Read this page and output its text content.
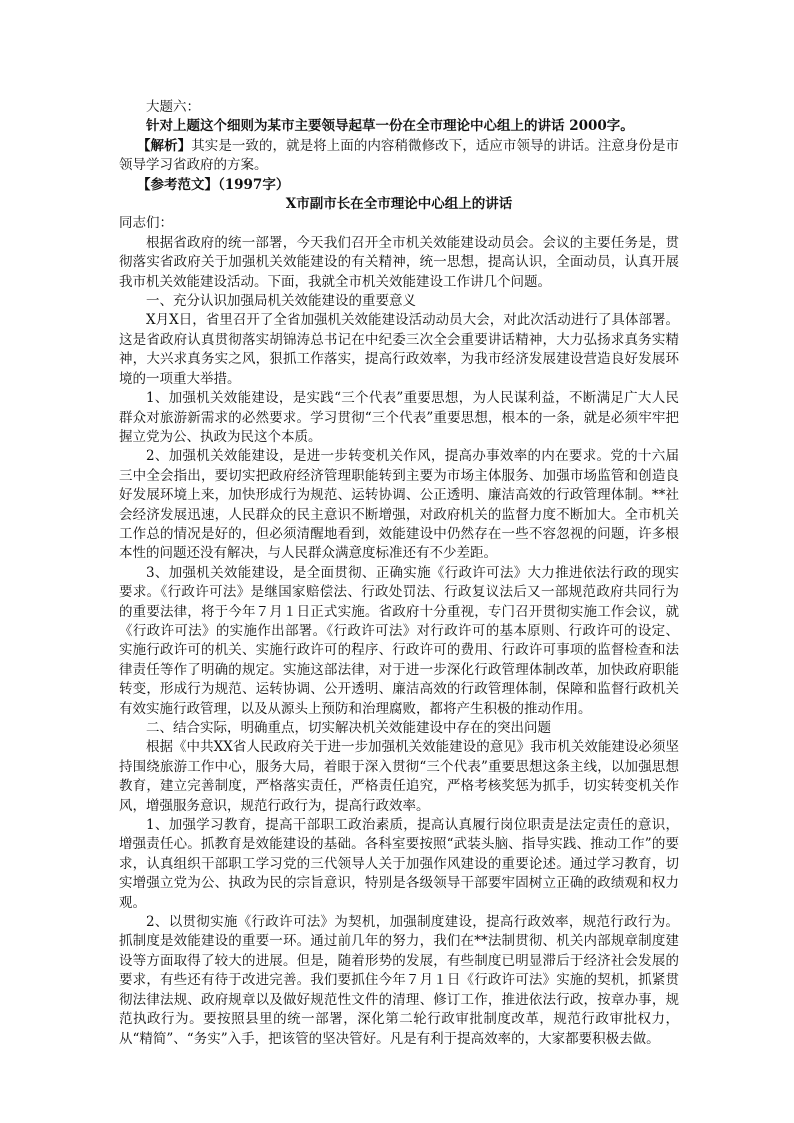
大题六：

针对上题这个细则为某市主要领导起草一份在全市理论中心组上的讲话 2000字。

【解析】其实是一致的，就是将上面的内容稍微修改下，适应市领导的讲话。注意身份是市领导学习省政府的方案。

【参考范文】（1997字）

X市副市长在全市理论中心组上的讲话

同志们：

根据省政府的统一部署，今天我们召开全市机关效能建设动员会。会议的主要任务是，贯彻落实省政府关于加强机关效能建设的有关精神，统一思想，提高认识，全面动员，认真开展我市机关效能建设活动。下面，我就全市机关效能建设工作讲几个问题。

一、充分认识加强局机关效能建设的重要意义

X月X日，省里召开了全省加强机关效能建设活动动员大会，对此次活动进行了具体部署。这是省政府认真贯彻落实胡锦涛总书记在中纪委三次全会重要讲话精神，大力弘扬求真务实精神，大兴求真务实之风，狠抓工作落实，提高行政效率，为我市经济发展建设营造良好发展环境的一项重大举措。

1、加强机关效能建设，是实践“三个代表”重要思想，为人民谋利益，不断满足广大人民群众对旅游新需求的必然要求。学习贯彻“三个代表”重要思想，根本的一条，就是必须牢牢把握立党为公、执政为民这个本质。

2、加强机关效能建设，是进一步转变机关作风，提高办事效率的内在要求。党的十六届三中全会指出，要切实把政府经济管理职能转到主要为市场主体服务、加强市场监管和创造良好发展环境上来，加快形成行为规范、运转协调、公正透明、廉洁高效的行政管理体制。**社会经济发展迅速，人民群众的民主意识不断增强，对政府机关的监督力度不断加大。全市机关工作总的情况是好的，但必须清醒地看到，效能建设中仍然存在一些不容忽视的问题，许多根本性的问题还没有解决，与人民群众满意度标准还有不少差距。

3、加强机关效能建设，是全面贯彻、正确实施《行政许可法》大力推进依法行政的现实要求。《行政许可法》是继国家赔偿法、行政处罚法、行政复议法后又一部规范政府共同行为的重要法律，将于今年７月１日正式实施。省政府十分重视，专门召开贯彻实施工作会议，就《行政许可法》的实施作出部署。《行政许可法》对行政许可的基本原则、行政许可的设定、实施行政许可的机关、实施行政许可的程序、行政许可的费用、行政许可事项的监督检查和法律责任等作了明确的规定。实施这部法律，对于进一步深化行政管理体制改革，加快政府职能转变，形成行为规范、运转协调、公开透明、廉洁高效的行政管理体制，保障和监督行政机关有效实施行政管理，以及从源头上预防和治理腐败，都将产生积极的推动作用。

二、结合实际，明确重点，切实解决机关效能建设中存在的突出问题

根据《中共XX省人民政府关于进一步加强机关效能建设的意见》我市机关效能建设必须坚持围绕旅游工作中心，服务大局，着眼于深入贯彻“三个代表”重要思想这条主线，以加强思想教育，建立完善制度，严格落实责任，严格责任追究，严格考核奖惩为抓手，切实转变机关作风，增强服务意识，规范行政行为，提高行政效率。

1、加强学习教育，提高干部职工政治素质，提高认真履行岗位职责是法定责任的意识，增强责任心。抓教育是效能建设的基础。各科室要按照“武装头脑、指导实践、推动工作”的要求，认真组织干部职工学习党的三代领导人关于加强作风建设的重要论述。通过学习教育，切实增强立党为公、执政为民的宗旨意识，特别是各级领导干部要牢固树立正确的政绩观和权力观。

2、以贯彻实施《行政许可法》为契机，加强制度建设，提高行政效率，规范行政行为。抓制度是效能建设的重要一环。通过前几年的努力，我们在**法制贯彻、机关内部规章制度建设等方面取得了较大的进展。但是，随着形势的发展，有些制度已明显滞后于经济社会发展的要求，有些还有待于改进完善。我们要抓住今年７月１日《行政许可法》实施的契机，抓紧贯彻法律法规、政府规章以及做好规范性文件的清理、修订工作，推进依法行政，按章办事，规范执政行为。要按照县里的统一部署，深化第二轮行政审批制度改革，规范行政审批权力，从“精简”、“务实”入手，把该管的坚决管好。凡是有利于提高效率的，大家都要积极去做。
